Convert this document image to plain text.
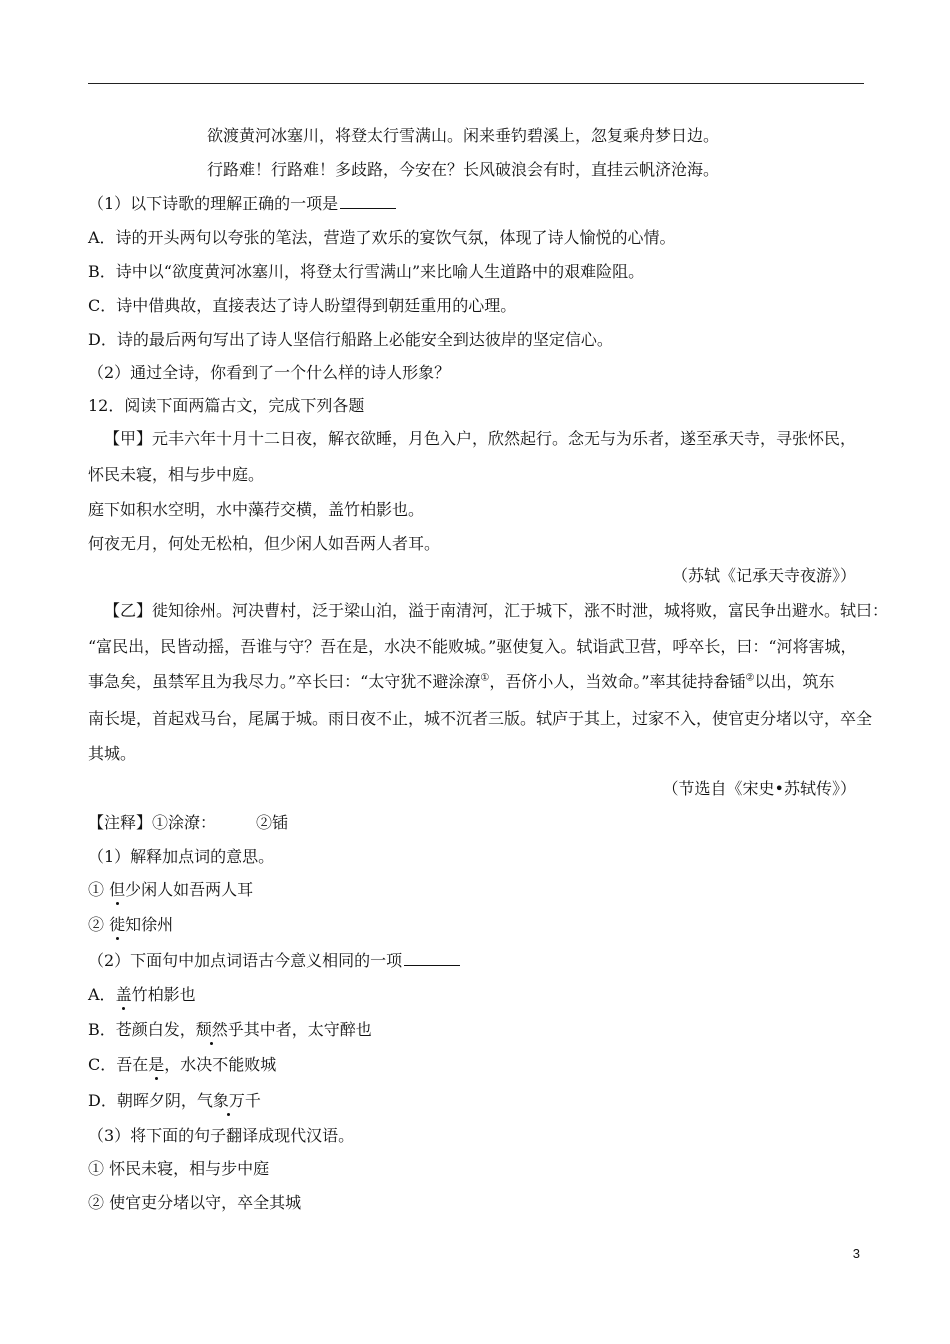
欲渡黄河冰塞川，将登太行雪满山。闲来垂钓碧溪上，忽复乘舟梦日边。
行路难！行路难！多歧路，今安在？长风破浪会有时，直挂云帆济沧海。
（1）以下诗歌的理解正确的一项是
A．诗的开头两句以夸张的笔法，营造了欢乐的宴饮气氛，体现了诗人愉悦的心情。
B．诗中以“欲度黄河冰塞川，将登太行雪满山”来比喻人生道路中的艰难险阻。
C．诗中借典故，直接表达了诗人盼望得到朝廷重用的心理。
D．诗的最后两句写出了诗人坚信行船路上必能安全到达彼岸的坚定信心。
（2）通过全诗，你看到了一个什么样的诗人形象？
12．阅读下面两篇古文，完成下列各题
【甲】元丰六年十月十二日夜，解衣欲睡，月色入户，欣然起行。念无与为乐者，遂至承天寺，寻张怀民，
怀民未寝，相与步中庭。
庭下如积水空明，水中藻荇交横，盖竹柏影也。
何夜无月，何处无松柏，但少闲人如吾两人者耳。
（苏轼《记承天寺夜游》）
【乙】徙知徐州。河决曹村，泛于梁山泊，溢于南清河，汇于城下，涨不时泄，城将败，富民争出避水。轼曰：
“富民出，民皆动摇，吾谁与守？吾在是，水决不能败城。”驱使复入。轼诣武卫营，呼卒长，曰：“河将害城，
事急矣，虽禁军且为我尽力。”卒长曰：“太守犹不避涂潦①，吾侪小人，当效命。”率其徒持畚锸②以出，筑东
南长堤，首起戏马台，尾属于城。雨日夜不止，城不沉者三版。轼庐于其上，过家不入，使官吏分堵以守，卒全
其城。
（节选自《宋史•苏轼传》）
【注释】①涂潦：	②锸
（1）解释加点词的意思。
① 但少闲人如吾两人耳
② 徙知徐州
（2）下面句中加点词语古今意义相同的一项
A．盖竹柏影也
B．苍颜白发，颓然乎其中者，太守醉也
C．吾在是，水决不能败城
D．朝晖夕阴，气象万千
（3）将下面的句子翻译成现代汉语。
① 怀民未寝，相与步中庭
② 使官吏分堵以守，卒全其城
3
